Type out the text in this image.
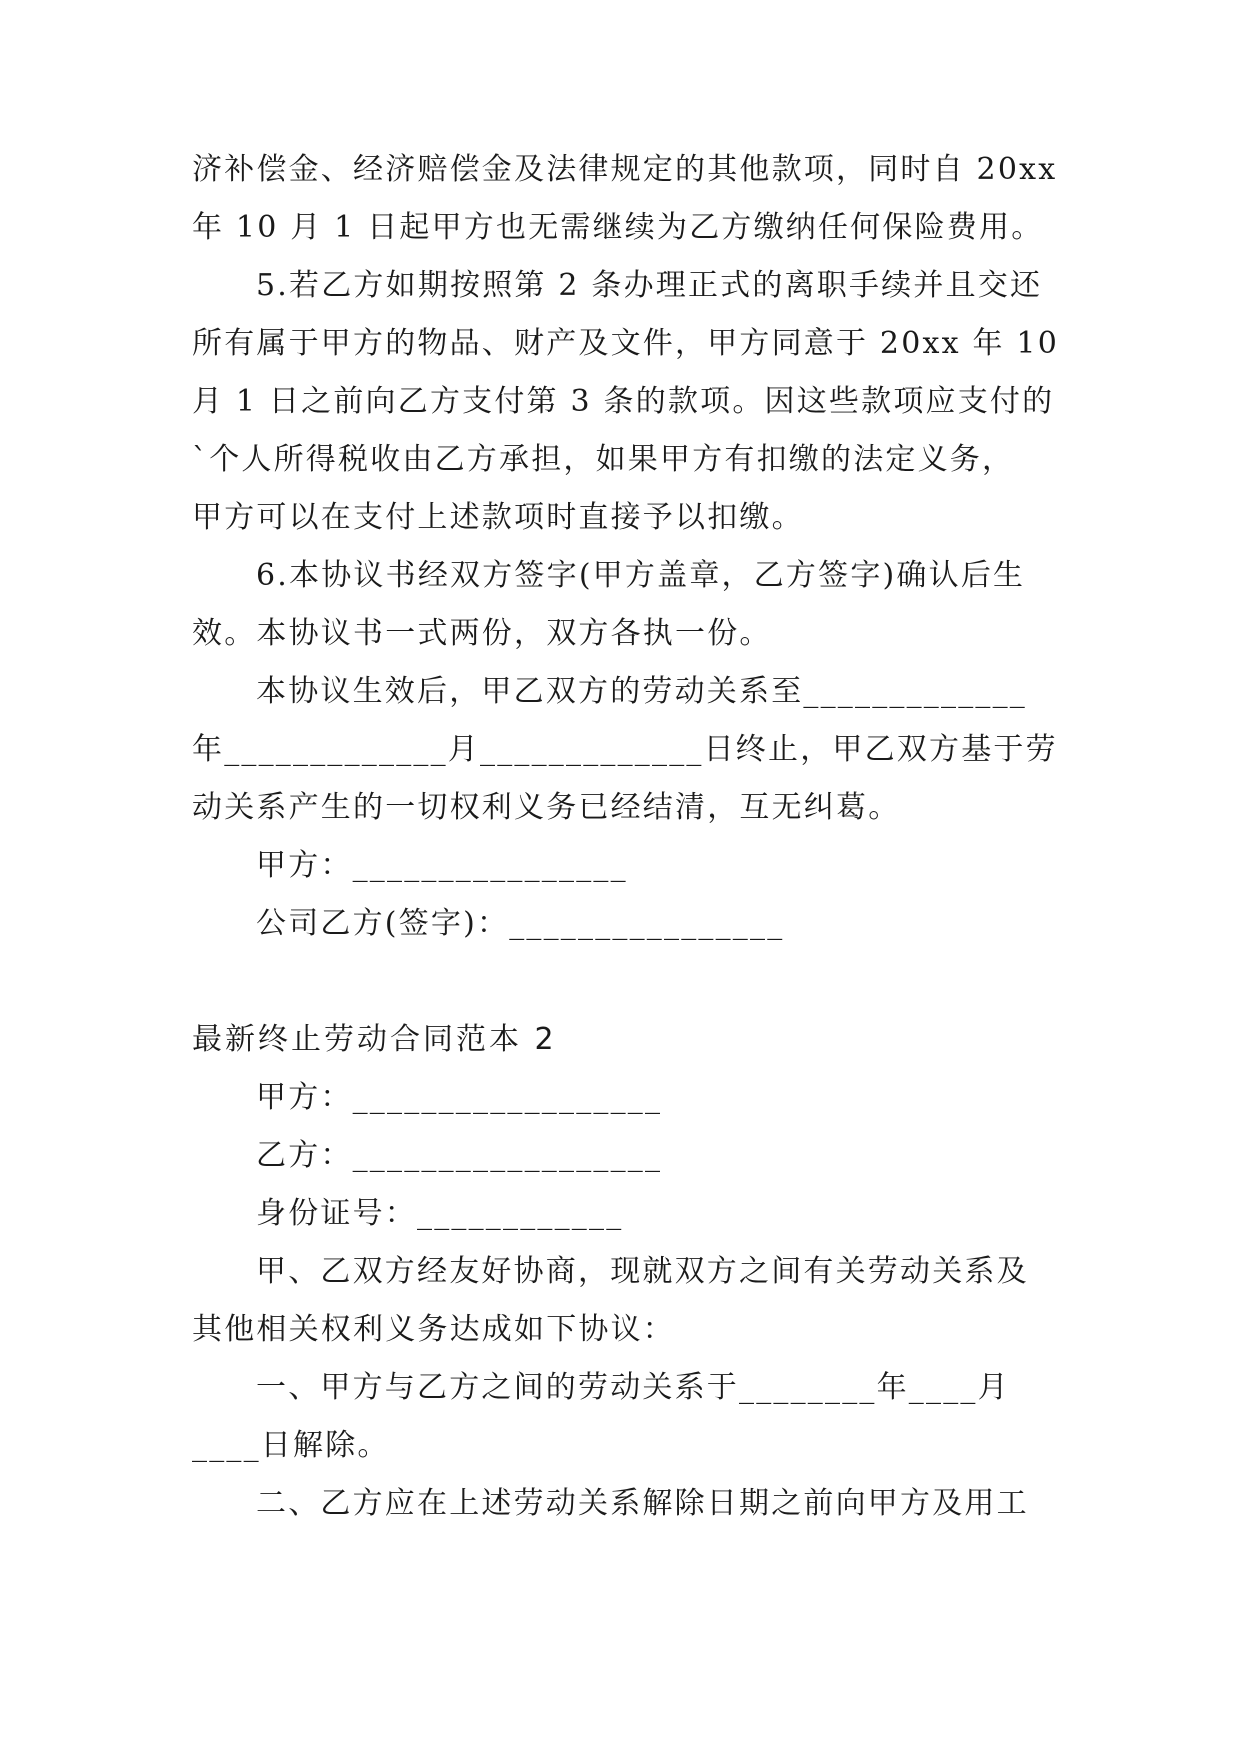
济补偿金、经济赔偿金及法律规定的其他款项，同时自 20xx
年 10 月 1 日起甲方也无需继续为乙方缴纳任何保险费用。
5.若乙方如期按照第 2 条办理正式的离职手续并且交还
所有属于甲方的物品、财产及文件，甲方同意于 20xx 年 10
月 1 日之前向乙方支付第 3 条的款项。因这些款项应支付的
`个人所得税收由乙方承担，如果甲方有扣缴的法定义务，
甲方可以在支付上述款项时直接予以扣缴。
6.本协议书经双方签字(甲方盖章，乙方签字)确认后生
效。本协议书一式两份，双方各执一份。
本协议生效后，甲乙双方的劳动关系至_____________
年_____________月_____________日终止，甲乙双方基于劳
动关系产生的一切权利义务已经结清，互无纠葛。
甲方：________________
公司乙方(签字)：________________
最新终止劳动合同范本 2
甲方：__________________
乙方：__________________
身份证号：____________
甲、乙双方经友好协商，现就双方之间有关劳动关系及
其他相关权利义务达成如下协议：
一、甲方与乙方之间的劳动关系于________年____月
____日解除。
二、乙方应在上述劳动关系解除日期之前向甲方及用工
